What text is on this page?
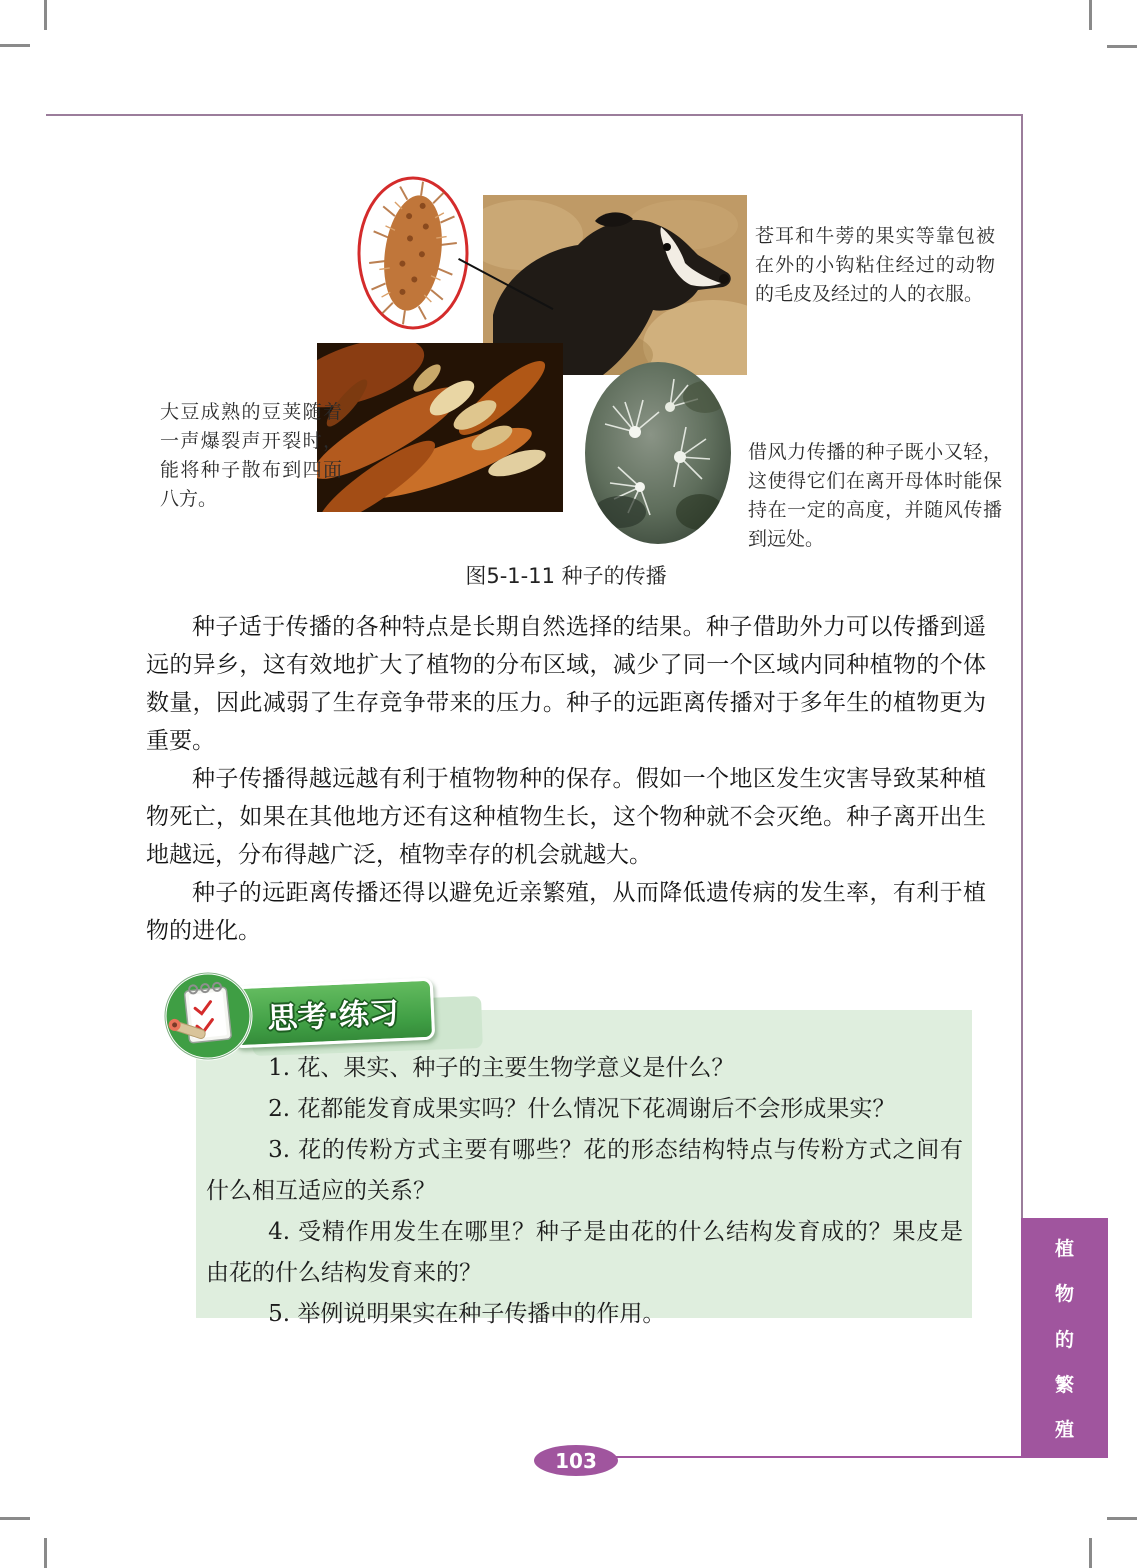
苍耳和牛蒡的果实等靠包被在外的小钩粘住经过的动物的毛皮及经过的人的衣服。
大豆成熟的豆荚随着一声爆裂声开裂时，能将种子散布到四面八方。
借风力传播的种子既小又轻，这使得它们在离开母体时能保持在一定的高度，并随风传播到远处。
图5-1-11 种子的传播

种子适于传播的各种特点是长期自然选择的结果。种子借助外力可以传播到遥远的异乡，这有效地扩大了植物的分布区域，减少了同一个区域内同种植物的个体数量，因此减弱了生存竞争带来的压力。种子的远距离传播对于多年生的植物更为重要。

种子传播得越远越有利于植物物种的保存。假如一个地区发生灾害导致某种植物死亡，如果在其他地方还有这种植物生长，这个物种就不会灭绝。种子离开出生地越远，分布得越广泛，植物幸存的机会就越大。

种子的远距离传播还得以避免近亲繁殖，从而降低遗传病的发生率，有利于植物的进化。

思考·练习
1. 花、果实、种子的主要生物学意义是什么？
2. 花都能发育成果实吗？什么情况下花凋谢后不会形成果实？
3. 花的传粉方式主要有哪些？花的形态结构特点与传粉方式之间有什么相互适应的关系？
4. 受精作用发生在哪里？种子是由花的什么结构发育成的？果皮是由花的什么结构发育来的？
5. 举例说明果实在种子传播中的作用。
植
物
的
繁
殖
103
